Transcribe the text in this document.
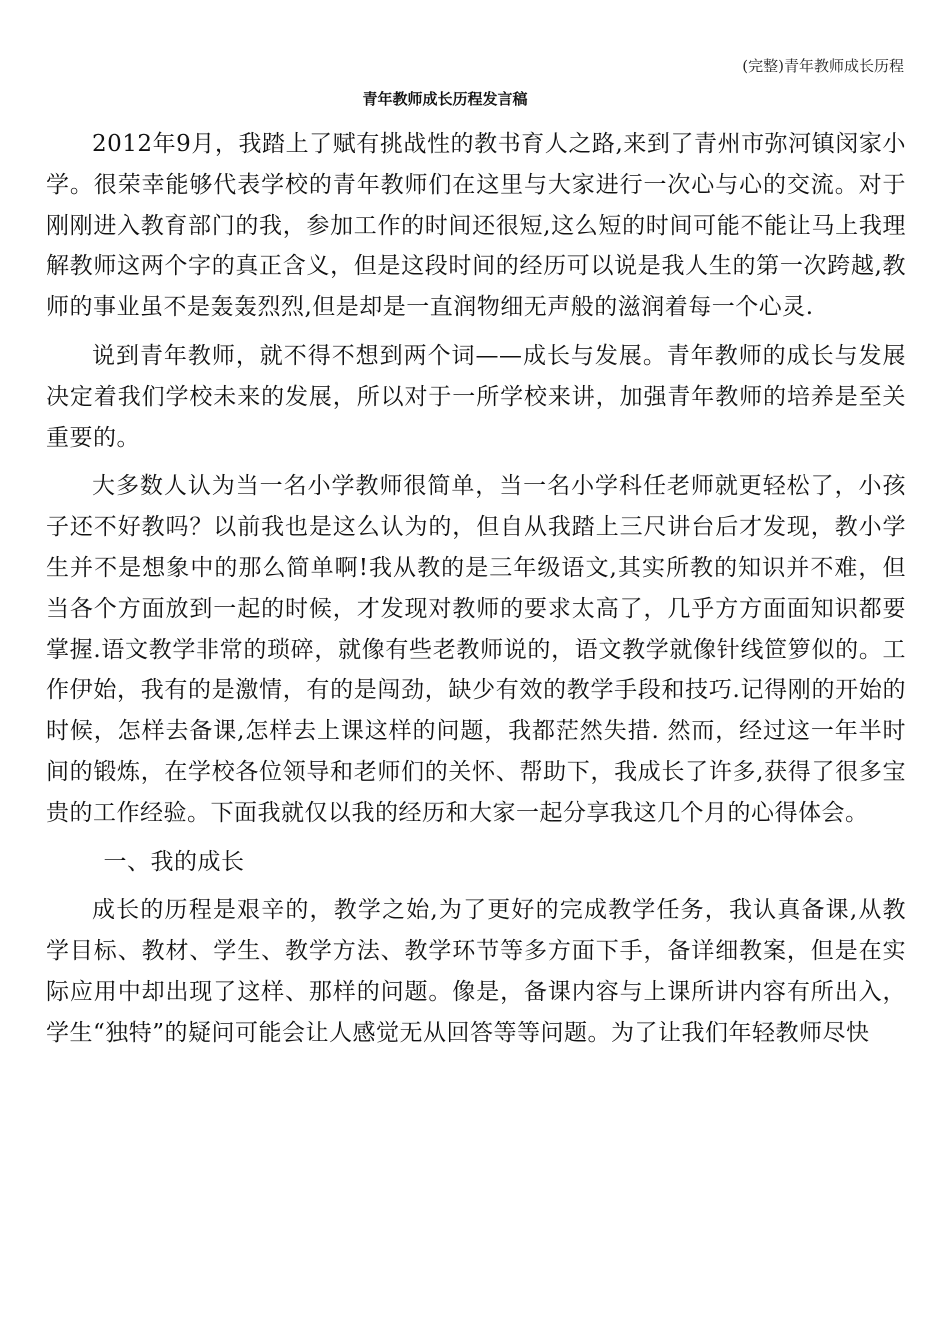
(完整)青年教师成长历程
青年教师成长历程发言稿

2012年9月，我踏上了赋有挑战性的教书育人之路,来到了青州市弥河镇闵家小学。很荣幸能够代表学校的青年教师们在这里与大家进行一次心与心的交流。对于刚刚进入教育部门的我，参加工作的时间还很短,这么短的时间可能不能让马上我理解教师这两个字的真正含义，但是这段时间的经历可以说是我人生的第一次跨越,教师的事业虽不是轰轰烈烈,但是却是一直润物细无声般的滋润着每一个心灵.

说到青年教师，就不得不想到两个词——成长与发展。青年教师的成长与发展决定着我们学校未来的发展，所以对于一所学校来讲，加强青年教师的培养是至关重要的。

大多数人认为当一名小学教师很简单，当一名小学科任老师就更轻松了，小孩子还不好教吗？以前我也是这么认为的，但自从我踏上三尺讲台后才发现，教小学生并不是想象中的那么简单啊!我从教的是三年级语文,其实所教的知识并不难，但当各个方面放到一起的时候，才发现对教师的要求太高了，几乎方方面面知识都要掌握.语文教学非常的琐碎，就像有些老教师说的，语文教学就像针线笸箩似的。工作伊始，我有的是激情，有的是闯劲，缺少有效的教学手段和技巧.记得刚的开始的时候，怎样去备课,怎样去上课这样的问题，我都茫然失措. 然而，经过这一年半时间的锻炼，在学校各位领导和老师们的关怀、帮助下，我成长了许多,获得了很多宝贵的工作经验。下面我就仅以我的经历和大家一起分享我这几个月的心得体会。

一、我的成长

成长的历程是艰辛的，教学之始,为了更好的完成教学任务，我认真备课,从教学目标、教材、学生、教学方法、教学环节等多方面下手，备详细教案，但是在实际应用中却出现了这样、那样的问题。像是，备课内容与上课所讲内容有所出入，学生“独特”的疑问可能会让人感觉无从回答等等问题。为了让我们年轻教师尽快
